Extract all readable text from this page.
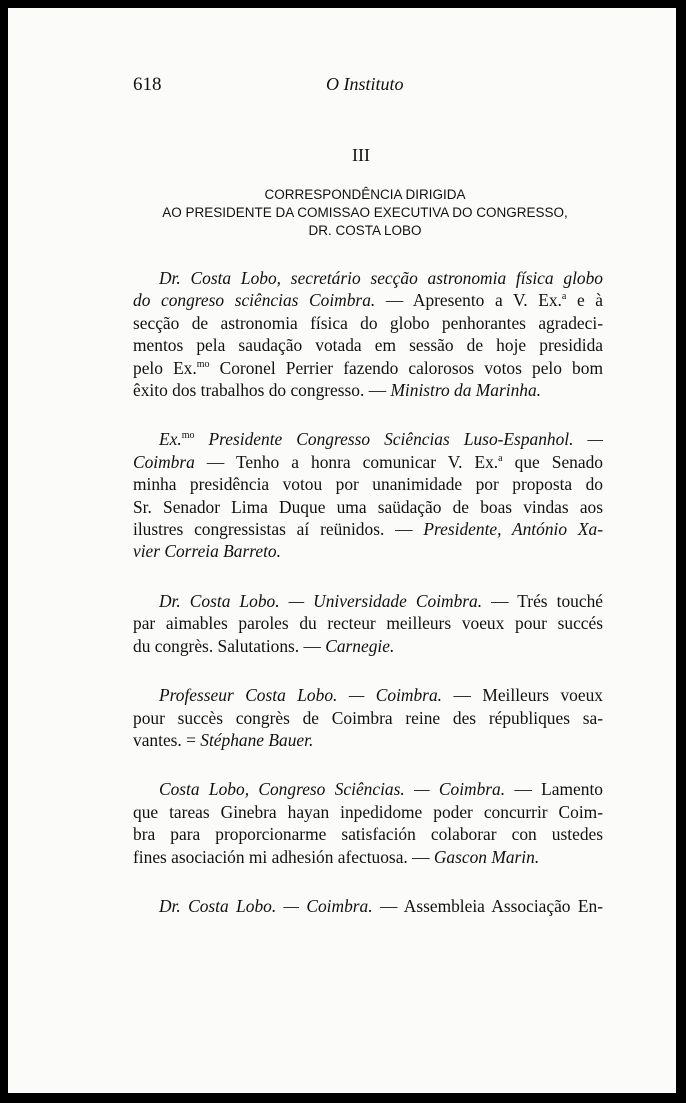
618	O Instituto
III
CORRESPONDÊNCIA DIRIGIDA
AO PRESIDENTE DA COMISSAO EXECUTIVA DO CONGRESSO,
DR. COSTA LOBO
Dr. Costa Lobo, secretário secção astronomia física globo
do congreso sciências Coimbra. — Apresento a V. Ex.$^a$ e à
secção de astronomia física do globo penhorantes agradeci-
mentos pela saudação votada em sessão de hoje presidida
pelo Ex.$^{mo}$ Coronel Perrier fazendo calorosos votos pelo bom
êxito dos trabalhos do congresso. — Ministro da Marinha.
Ex.$^{mo}$ Presidente Congresso Sciências Luso-Espanhol. —
Coimbra — Tenho a honra comunicar V. Ex.$^a$ que Senado
minha presidência votou por unanimidade por proposta do
Sr. Senador Lima Duque uma saüdação de boas vindas aos
ilustres congressistas aí reünidos. — Presidente, António Xa-
vier Correia Barreto.
Dr. Costa Lobo. — Universidade Coimbra. — Trés touché
par aimables paroles du recteur meilleurs voeux pour succés
du congrès. Salutations. — Carnegie.
Professeur Costa Lobo. — Coimbra. — Meilleurs voeux
pour succès congrès de Coimbra reine des républiques sa-
vantes. = Stéphane Bauer.
Costa Lobo, Congreso Sciências. — Coimbra. — Lamento
que tareas Ginebra hayan inpedidome poder concurrir Coim-
bra para proporcionarme satisfación colaborar con ustedes
fines asociación mi adhesión afectuosa. — Gascon Marin.
Dr. Costa Lobo. — Coimbra. — Assembleia Associação En-
